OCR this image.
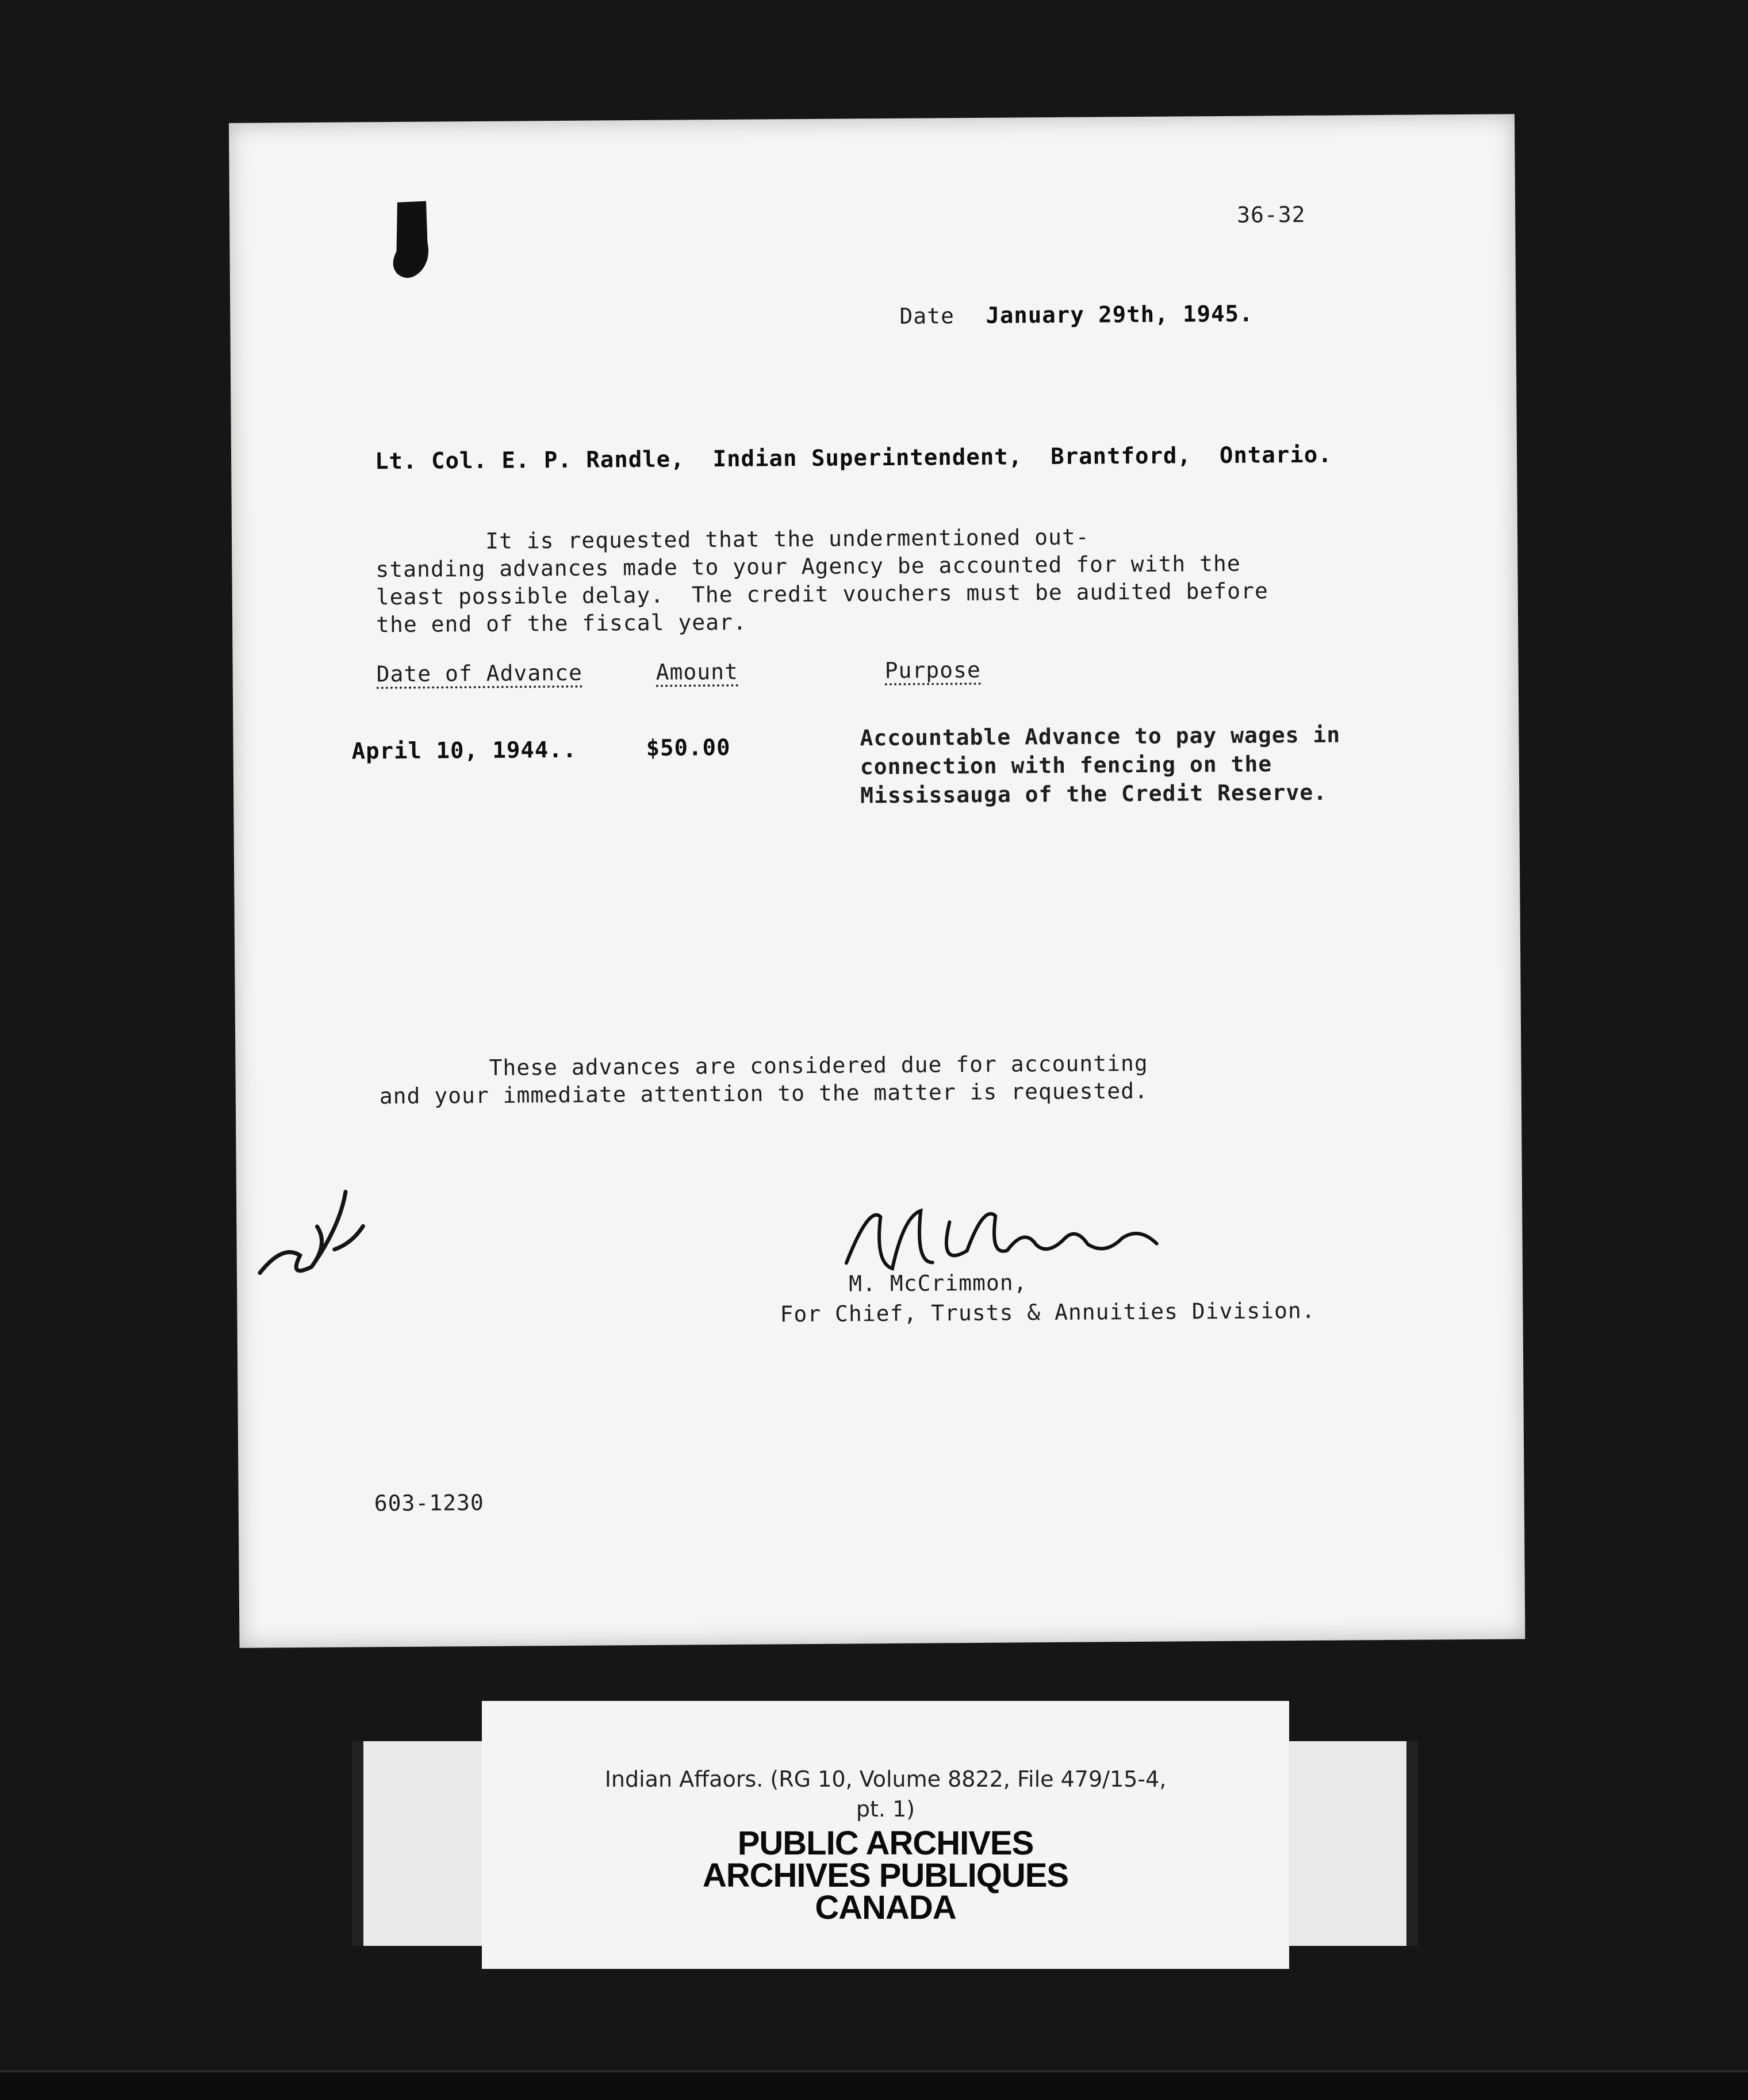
36-32
Date January 29th, 1945.
Lt. Col. E. P. Randle,  Indian Superintendent,  Brantford,  Ontario.
It is requested that the undermentioned out-
standing advances made to your Agency be accounted for with the
least possible delay.  The credit vouchers must be audited before
the end of the fiscal year.
Date of Advance	Amount	Purpose
April 10, 1944..	$50.00	Accountable Advance to pay wages in
connection with fencing on the
Mississauga of the Credit Reserve.
These advances are considered due for accounting
and your immediate attention to the matter is requested.
M. McCrimmon,
For Chief, Trusts & Annuities Division.
603-1230
Indian Affaors. (RG 10, Volume 8822, File 479/15-4,
pt. 1)
PUBLIC ARCHIVES
ARCHIVES PUBLIQUES
CANADA
